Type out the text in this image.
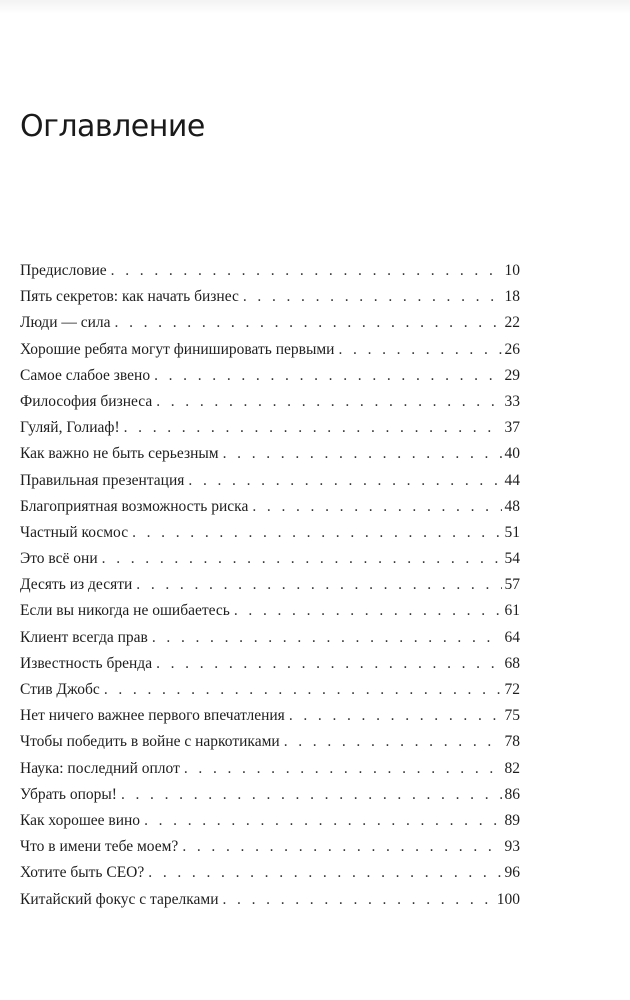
Оглавление
Предисловие . . .	10
Пять секретов: как начать бизнес . . .	18
Люди — сила . . .	22
Хорошие ребята могут финишировать первыми . . .	26
Самое слабое звено . . .	29
Философия бизнеса . . .	33
Гуляй, Голиаф! . . .	37
Как важно не быть серьезным . . .	40
Правильная презентация . . .	44
Благоприятная возможность риска . . .	48
Частный космос . . .	51
Это всё они . . .	54
Десять из десяти . . .	57
Если вы никогда не ошибаетесь . . .	61
Клиент всегда прав . . .	64
Известность бренда . . .	68
Стив Джобс . . .	72
Нет ничего важнее первого впечатления . . .	75
Чтобы победить в войне с наркотиками . . .	78
Наука: последний оплот . . .	82
Убрать опоры! . . .	86
Как хорошее вино . . .	89
Что в имени тебе моем? . . .	93
Хотите быть CEO? . . .	96
Китайский фокус с тарелками . . .	100
